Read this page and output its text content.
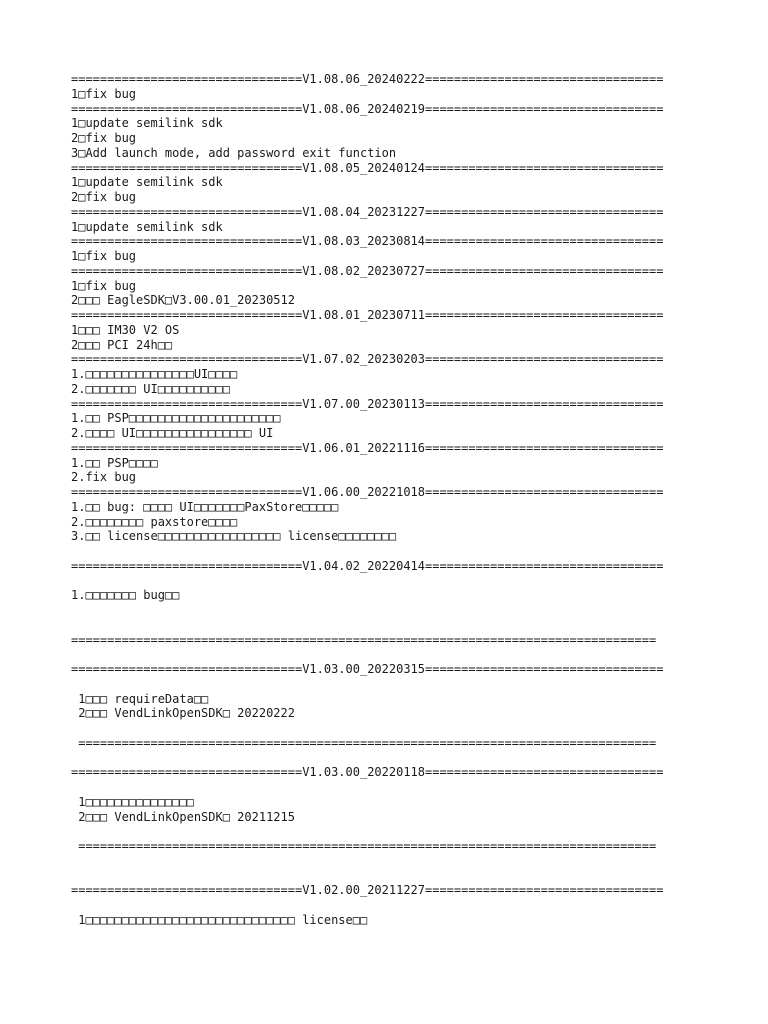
================================V1.08.06_20240222=================================
1□fix bug
================================V1.08.06_20240219=================================
1□update semilink sdk
2□fix bug
3□Add launch mode, add password exit function
================================V1.08.05_20240124=================================
1□update semilink sdk
2□fix bug
================================V1.08.04_20231227=================================
1□update semilink sdk
================================V1.08.03_20230814=================================
1□fix bug
================================V1.08.02_20230727=================================
1□fix bug
2□□□ EagleSDK□V3.00.01_20230512
================================V1.08.01_20230711=================================
1□□□ IM30 V2 OS
2□□□ PCI 24h□□
================================V1.07.02_20230203=================================
1.□□□□□□□□□□□□□□□UI□□□□
2.□□□□□□□ UI□□□□□□□□□□
================================V1.07.00_20230113=================================
1.□□ PSP□□□□□□□□□□□□□□□□□□□□□
2.□□□□ UI□□□□□□□□□□□□□□□□ UI
================================V1.06.01_20221116=================================
1.□□ PSP□□□□
2.fix bug
================================V1.06.00_20221018=================================
1.□□ bug: □□□□ UI□□□□□□□PaxStore□□□□□
2.□□□□□□□□ paxstore□□□□
3.□□ license□□□□□□□□□□□□□□□□□ license□□□□□□□□
================================V1.04.02_20220414=================================
1.□□□□□□□ bug□□
=================================================================================
================================V1.03.00_20220315=================================
1□□□ requireData□□
2□□□ VendLinkOpenSDK□ 20220222
================================================================================
================================V1.03.00_20220118=================================
1□□□□□□□□□□□□□□□
2□□□ VendLinkOpenSDK□ 20211215
================================================================================
================================V1.02.00_20211227=================================
1□□□□□□□□□□□□□□□□□□□□□□□□□□□□□ license□□
